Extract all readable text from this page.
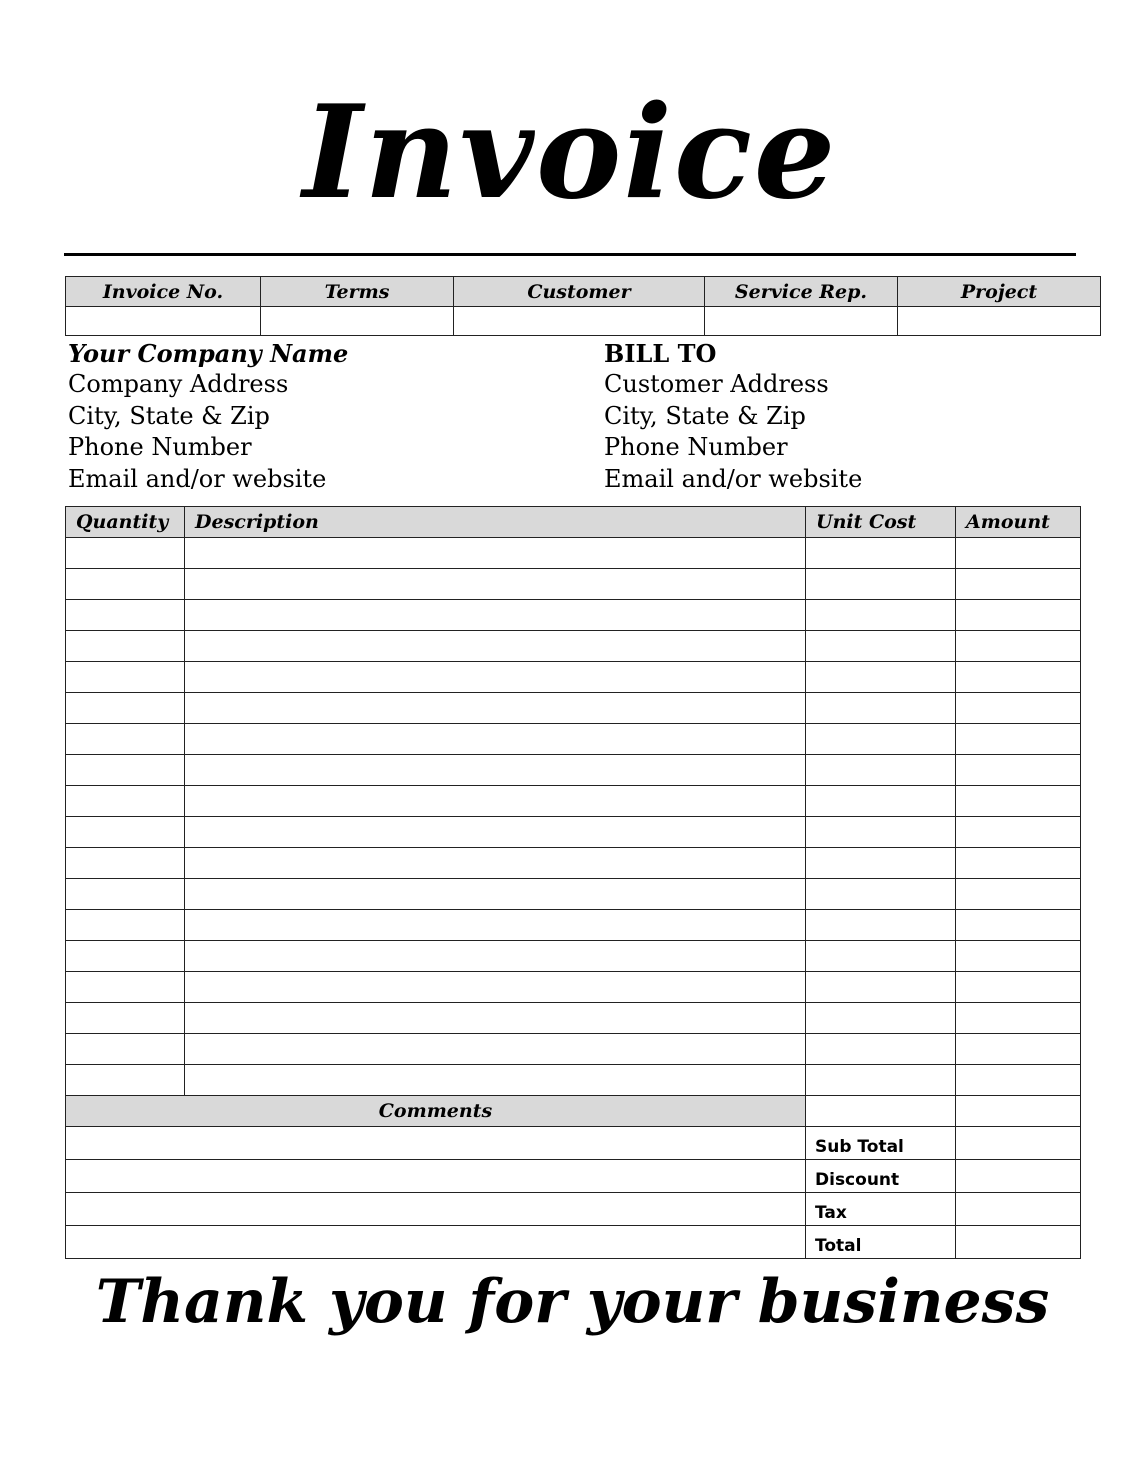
Invoice
Invoice No.	Terms	Customer	Service Rep.	Project

Your Company Name
Company Address
City, State & Zip
Phone Number
Email and/or website
BILL TO
Customer Address
City, State & Zip
Phone Number
Email and/or website
Quantity	Description	Unit Cost	Amount

Comments			
		Sub Total	
		Discount	
		Tax	
		Total	
Thank you for your business
